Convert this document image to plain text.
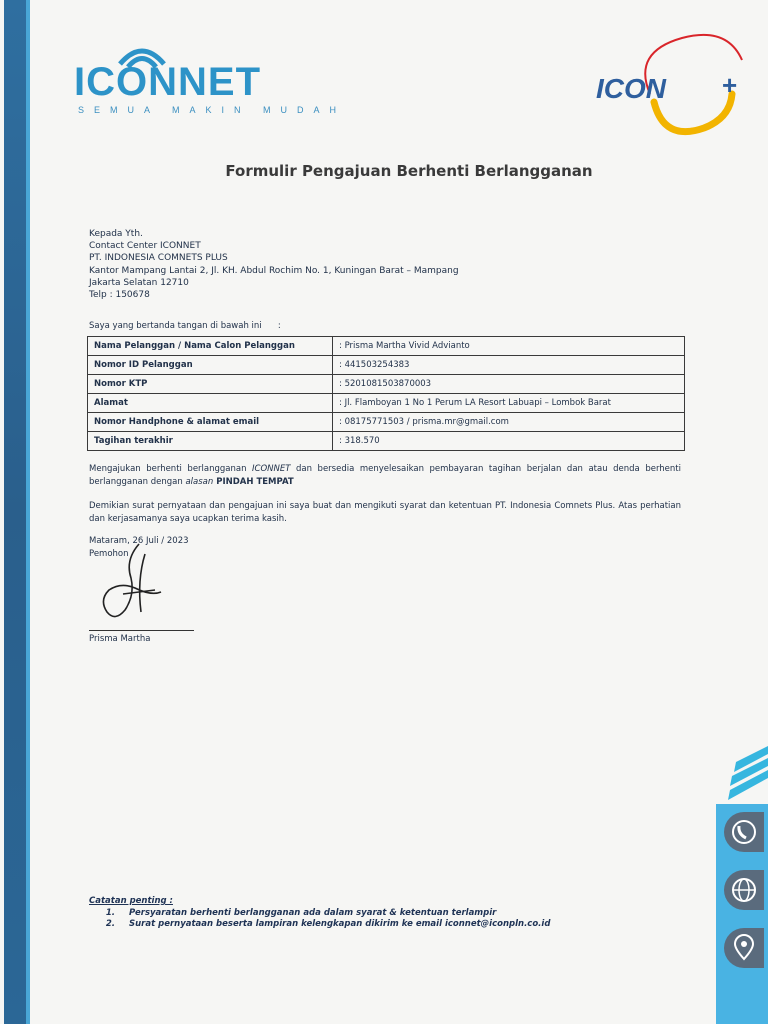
ICONNET
SEMUA MAKIN MUDAH
ICON +
Formulir Pengajuan Berhenti Berlangganan
Kepada Yth.
Contact Center ICONNET
PT. INDONESIA COMNETS PLUS
Kantor Mampang Lantai 2, Jl. KH. Abdul Rochim No. 1, Kuningan Barat – Mampang
Jakarta Selatan 12710
Telp : 150678
Saya yang bertanda tangan di bawah ini      :
Nama Pelanggan / Nama Calon Pelanggan	: Prisma Martha Vivid Advianto
Nomor ID Pelanggan	: 441503254383
Nomor KTP	: 5201081503870003
Alamat	: Jl. Flamboyan 1 No 1 Perum LA Resort Labuapi – Lombok Barat
Nomor Handphone & alamat email	: 08175771503 / prisma.mr@gmail.com
Tagihan terakhir	: 318.570
Mengajukan berhenti berlangganan ICONNET dan bersedia menyelesaikan pembayaran tagihan berjalan dan atau denda berhenti berlangganan dengan alasan PINDAH TEMPAT
Demikian surat pernyataan dan pengajuan ini saya buat dan mengikuti syarat dan ketentuan PT. Indonesia Comnets Plus. Atas perhatian dan kerjasamanya saya ucapkan terima kasih.
Mataram, 26 Juli / 2023
Pemohon
Prisma Martha
Catatan penting :
1.	Persyaratan berhenti berlangganan ada dalam syarat & ketentuan terlampir
2.	Surat pernyataan beserta lampiran kelengkapan dikirim ke email iconnet@iconpln.co.id
